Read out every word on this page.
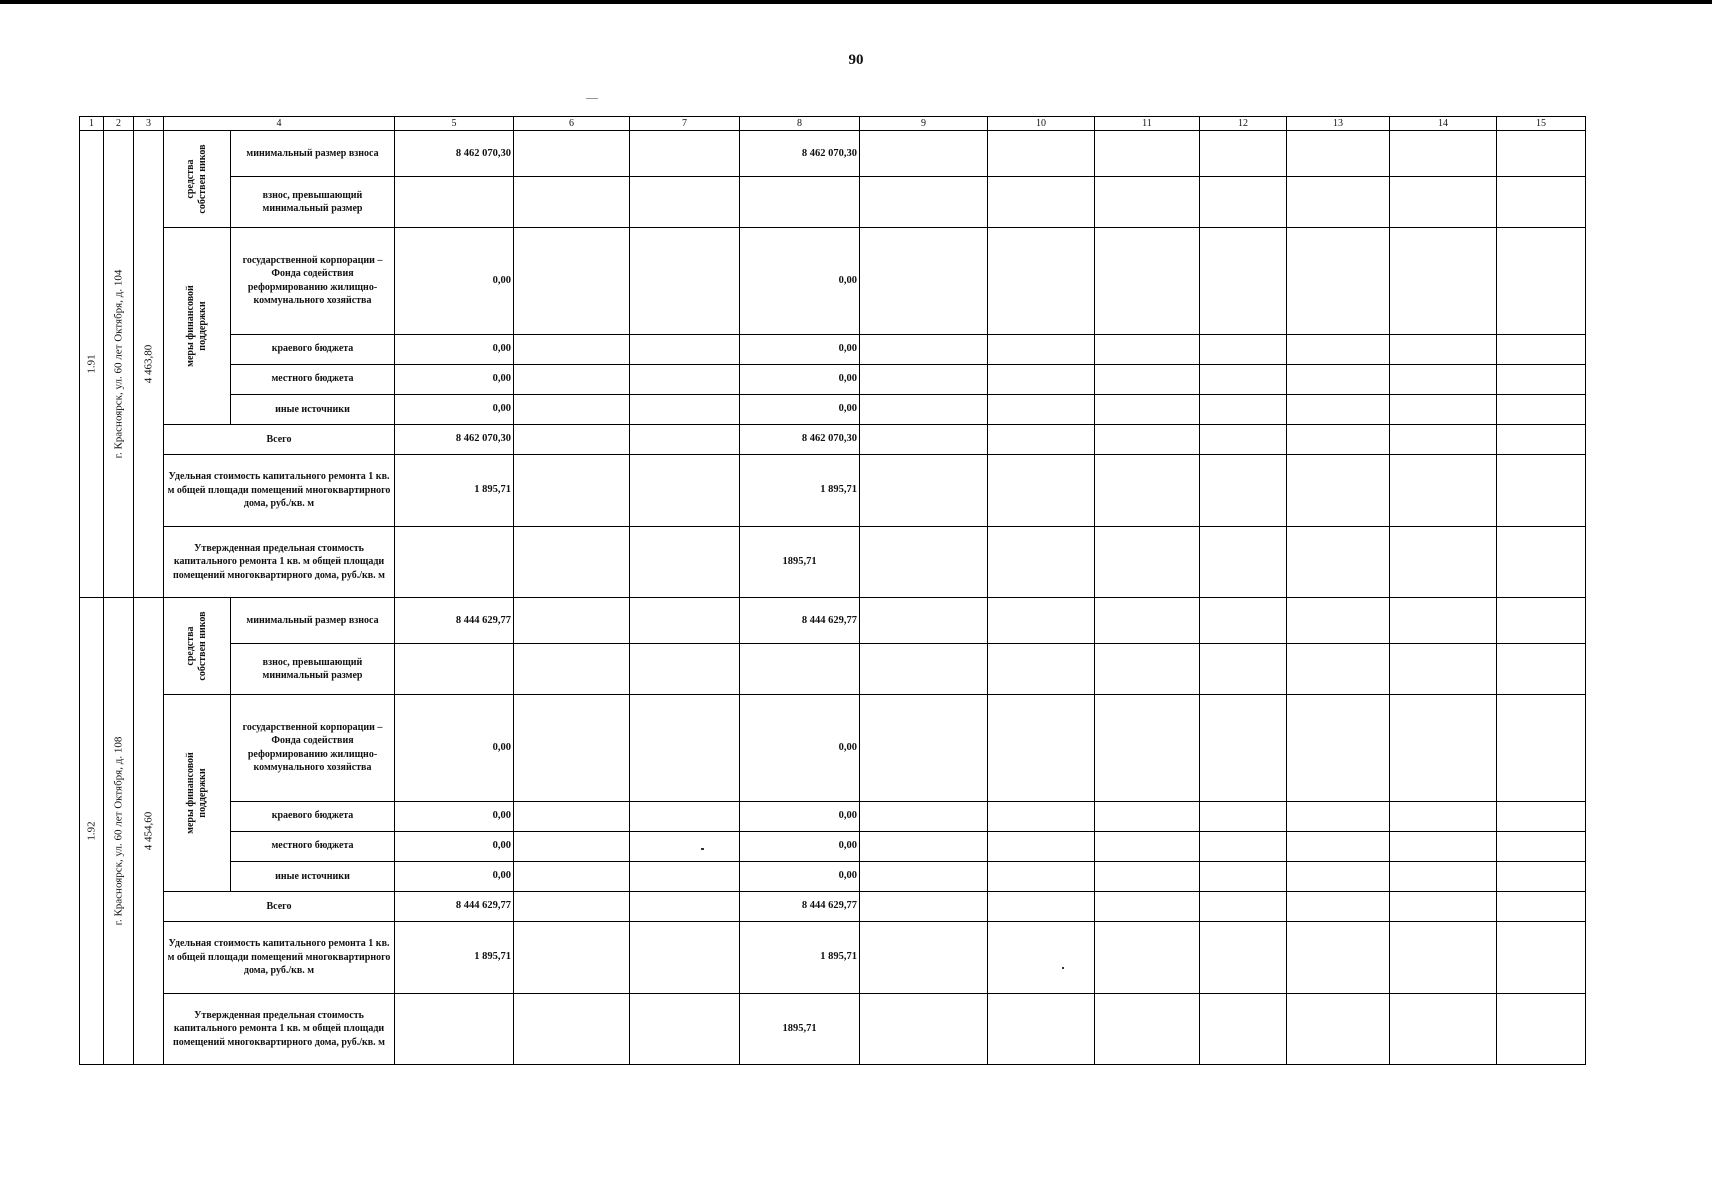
90
1	2	3	4		5	6	7	8	9	10	11	12	13	14	15

1.91	г. Красноярск, ул. 60 лет Октября, д. 104	4 463,80	средства собствен ников	минимальный размер взноса	8 462 070,30			8 462 070,30							
				взнос, превышающий минимальный размер											

			меры финансовой поддержки	государственной корпорации – Фонда содействия реформированию жилищно-коммунального хозяйства	0,00			0,00							
				краевого бюджета	0,00			0,00							
				местного бюджета	0,00			0,00							
				иные источники	0,00			0,00							
			Всего		8 462 070,30			8 462 070,30							
			Удельная стоимость капитального ремонта 1 кв. м общей площади помещений многоквартирного дома, руб./кв. м		1 895,71			1 895,71							
			Утвержденная предельная стоимость капитального ремонта 1 кв. м общей площади помещений многоквартирного дома, руб./кв. м					1895,71							

1.92	г. Красноярск, ул. 60 лет Октября, д. 108	4 454,60	средства собствен ников	минимальный размер взноса	8 444 629,77			8 444 629,77							
				взнос, превышающий минимальный размер											

			меры финансовой поддержки	государственной корпорации – Фонда содействия реформированию жилищно-коммунального хозяйства	0,00			0,00							
				краевого бюджета	0,00			0,00							
				местного бюджета	0,00			0,00							
				иные источники	0,00			0,00							
			Всего		8 444 629,77			8 444 629,77							
			Удельная стоимость капитального ремонта 1 кв. м общей площади помещений многоквартирного дома, руб./кв. м		1 895,71			1 895,71							
			Утвержденная предельная стоимость капитального ремонта 1 кв. м общей площади помещений многоквартирного дома, руб./кв. м					1895,71							
